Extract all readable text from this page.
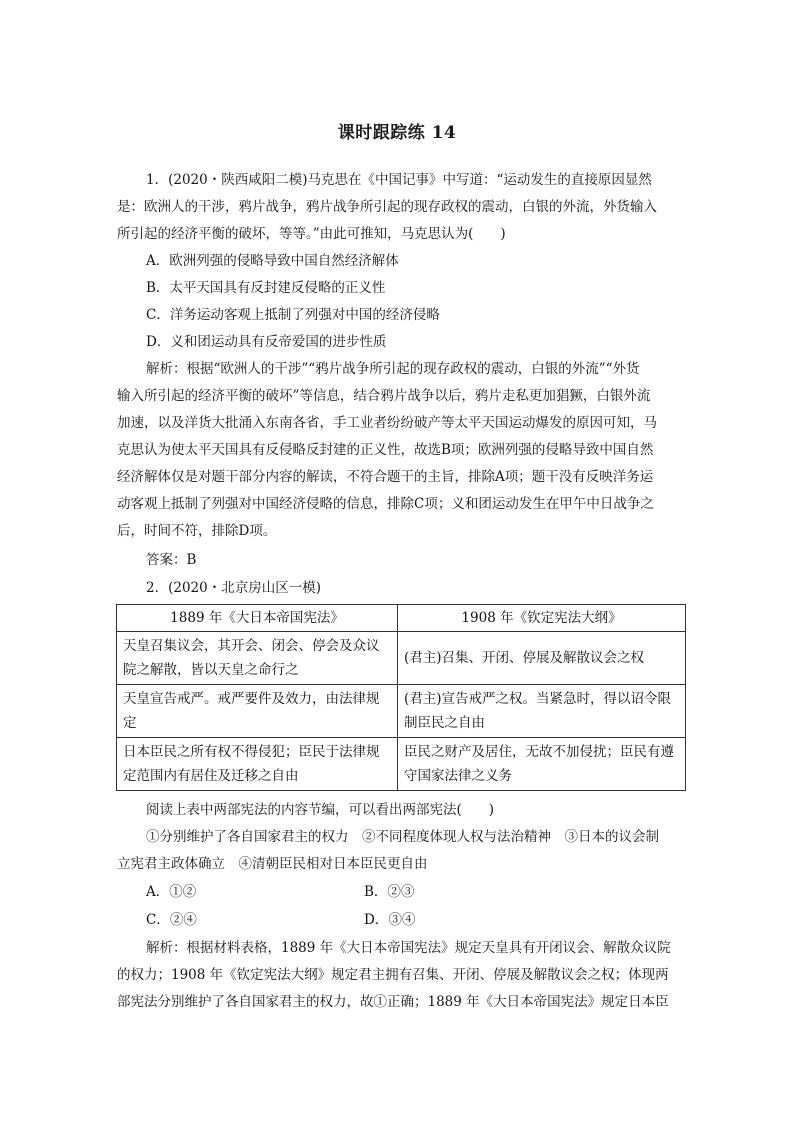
课时跟踪练 14
1．(2020・陕西咸阳二模)马克思在《中国记事》中写道：“运动发生的直接原因显然
是：欧洲人的干涉，鸦片战争，鸦片战争所引起的现存政权的震动，白银的外流，外货输入
所引起的经济平衡的破坏，等等。”由此可推知，马克思认为(　　)
A．欧洲列强的侵略导致中国自然经济解体
B．太平天国具有反封建反侵略的正义性
C．洋务运动客观上抵制了列强对中国的经济侵略
D．义和团运动具有反帝爱国的进步性质
解析：根据“欧洲人的干涉”“鸦片战争所引起的现存政权的震动，白银的外流”“外货
输入所引起的经济平衡的破坏”等信息，结合鸦片战争以后，鸦片走私更加猖獗，白银外流
加速，以及洋货大批涌入东南各省，手工业者纷纷破产等太平天国运动爆发的原因可知，马
克思认为使太平天国具有反侵略反封建的正义性，故选B项；欧洲列强的侵略导致中国自然
经济解体仅是对题干部分内容的解读，不符合题干的主旨，排除A项；题干没有反映洋务运
动客观上抵制了列强对中国经济侵略的信息，排除C项；义和团运动发生在甲午中日战争之
后，时间不符，排除D项。
答案：B
2．(2020・北京房山区一模)
1889 年《大日本帝国宪法》	1908 年《钦定宪法大纲》
天皇召集议会，其开会、闭会、停会及众议院之解散，皆以天皇之命行之	(君主)召集、开闭、停展及解散议会之权
天皇宣告戒严。戒严要件及效力，由法律规定	(君主)宣告戒严之权。当紧急时，得以诏令限制臣民之自由
日本臣民之所有权不得侵犯；臣民于法律规定范围内有居住及迁移之自由	臣民之财产及居住，无故不加侵扰；臣民有遵守国家法律之义务
阅读上表中两部宪法的内容节编，可以看出两部宪法(　　)
①分别维护了各自国家君主的权力　②不同程度体现人权与法治精神　③日本的议会制
立宪君主政体确立　④清朝臣民相对日本臣民更自由
A．①②	B．②③
C．②④	D．③④
解析：根据材料表格，1889 年《大日本帝国宪法》规定天皇具有开闭议会、解散众议院
的权力；1908 年《钦定宪法大纲》规定君主拥有召集、开闭、停展及解散议会之权；体现两
部宪法分别维护了各自国家君主的权力，故①正确；1889 年《大日本帝国宪法》规定日本臣
